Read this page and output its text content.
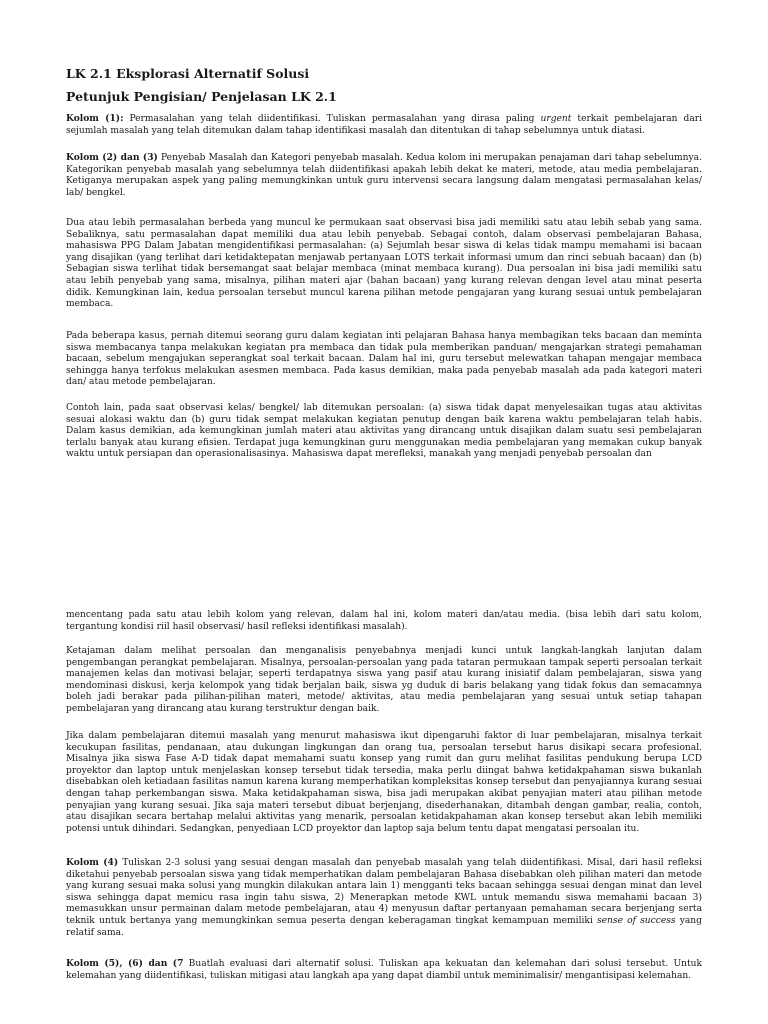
LK 2.1 Eksplorasi Alternatif Solusi
Petunjuk Pengisian/ Penjelasan LK 2.1

Kolom (1): Permasalahan yang telah diidentifikasi. Tuliskan permasalahan yang dirasa paling urgent terkait pembelajaran dari sejumlah masalah yang telah ditemukan dalam tahap identifikasi masalah dan ditentukan di tahap sebelumnya untuk diatasi.

Kolom (2) dan (3) Penyebab Masalah dan Kategori penyebab masalah. Kedua kolom ini merupakan penajaman dari tahap sebelumnya. Kategorikan penyebab masalah yang sebelumnya telah diidentifikasi apakah lebih dekat ke materi, metode, atau media pembelajaran. Ketiganya merupakan aspek yang paling memungkinkan untuk guru intervensi secara langsung dalam mengatasi permasalahan kelas/ lab/ bengkel.

Dua atau lebih permasalahan berbeda yang muncul ke permukaan saat observasi bisa jadi memiliki satu atau lebih sebab yang sama. Sebaliknya, satu permasalahan dapat memiliki dua atau lebih penyebab. Sebagai contoh, dalam observasi pembelajaran Bahasa, mahasiswa PPG Dalam Jabatan mengidentifikasi permasalahan: (a) Sejumlah besar siswa di kelas tidak mampu memahami isi bacaan yang disajikan (yang terlihat dari ketidaktepatan menjawab pertanyaan LOTS terkait informasi umum dan rinci sebuah bacaan) dan (b) Sebagian siswa terlihat tidak bersemangat saat belajar membaca (minat membaca kurang). Dua persoalan ini bisa jadi memiliki satu atau lebih penyebab yang sama, misalnya, pilihan materi ajar (bahan bacaan) yang kurang relevan dengan level atau minat peserta didik. Kemungkinan lain, kedua persoalan tersebut muncul karena pilihan metode pengajaran yang kurang sesuai untuk pembelajaran membaca.

Pada beberapa kasus, pernah ditemui seorang guru dalam kegiatan inti pelajaran Bahasa hanya membagikan teks bacaan dan meminta siswa membacanya tanpa melakukan kegiatan pra membaca dan tidak pula memberikan panduan/ mengajarkan strategi pemahaman bacaan, sebelum mengajukan seperangkat soal terkait bacaan. Dalam hal ini, guru tersebut melewatkan tahapan mengajar membaca sehingga hanya terfokus melakukan asesmen membaca. Pada kasus demikian, maka pada penyebab masalah ada pada kategori materi dan/ atau metode pembelajaran.

Contoh lain, pada saat observasi kelas/ bengkel/ lab ditemukan persoalan: (a) siswa tidak dapat menyelesaikan tugas atau aktivitas sesuai alokasi waktu dan (b) guru tidak sempat melakukan kegiatan penutup dengan baik karena waktu pembelajaran telah habis. Dalam kasus demikian, ada kemungkinan jumlah materi atau aktivitas yang dirancang untuk disajikan dalam suatu sesi pembelajaran terlalu banyak atau kurang efisien. Terdapat juga kemungkinan guru menggunakan media pembelajaran yang memakan cukup banyak waktu untuk persiapan dan operasionalisasinya. Mahasiswa dapat merefleksi, manakah yang menjadi penyebab persoalan dan

mencentang pada satu atau lebih kolom yang relevan, dalam hal ini, kolom materi dan/atau media. (bisa lebih dari satu kolom, tergantung kondisi riil hasil observasi/ hasil refleksi identifikasi masalah).

Ketajaman dalam melihat persoalan dan menganalisis penyebabnya menjadi kunci untuk langkah-langkah lanjutan dalam pengembangan perangkat pembelajaran. Misalnya, persoalan-persoalan yang pada tataran permukaan tampak seperti persoalan terkait manajemen kelas dan motivasi belajar, seperti terdapatnya siswa yang pasif atau kurang inisiatif dalam pembelajaran, siswa yang mendominasi diskusi, kerja kelompok yang tidak berjalan baik, siswa yg duduk di baris belakang yang tidak fokus dan semacamnya boleh jadi berakar pada pilihan-pilihan materi, metode/ aktivitas, atau media pembelajaran yang sesuai untuk setiap tahapan pembelajaran yang dirancang atau kurang terstruktur dengan baik.

Jika dalam pembelajaran ditemui masalah yang menurut mahasiswa ikut dipengaruhi faktor di luar pembelajaran, misalnya terkait kecukupan fasilitas, pendanaan, atau dukungan lingkungan dan orang tua, persoalan tersebut harus disikapi secara profesional. Misalnya jika siswa Fase A-D tidak dapat memahami suatu konsep yang rumit dan guru melihat fasilitas pendukung berupa LCD proyektor dan laptop untuk menjelaskan konsep tersebut tidak tersedia, maka perlu diingat bahwa ketidakpahaman siswa bukanlah disebabkan oleh ketiadaan fasilitas namun karena kurang memperhatikan kompleksitas konsep tersebut dan penyajiannya kurang sesuai dengan tahap perkembangan siswa. Maka ketidakpahaman siswa, bisa jadi merupakan akibat penyajian materi atau pilihan metode penyajian yang kurang sesuai. Jika saja materi tersebut dibuat berjenjang, disederhanakan, ditambah dengan gambar, realia, contoh, atau disajikan secara bertahap melalui aktivitas yang menarik, persoalan ketidakpahaman akan konsep tersebut akan lebih memiliki potensi untuk dihindari. Sedangkan, penyediaan LCD proyektor dan laptop saja belum tentu dapat mengatasi persoalan itu.

Kolom (4) Tuliskan 2-3 solusi yang sesuai dengan masalah dan penyebab masalah yang telah diidentifikasi. Misal, dari hasil refleksi diketahui penyebab persoalan siswa yang tidak memperhatikan dalam pembelajaran Bahasa disebabkan oleh pilihan materi dan metode yang kurang sesuai maka solusi yang mungkin dilakukan antara lain 1) mengganti teks bacaan sehingga sesuai dengan minat dan level siswa sehingga dapat memicu rasa ingin tahu siswa, 2) Menerapkan metode KWL untuk memandu siswa memahami bacaan 3) memasukkan unsur permainan dalam metode pembelajaran, atau 4) menyusun daftar pertanyaan pemahaman secara berjenjang serta teknik untuk bertanya yang memungkinkan semua peserta dengan keberagaman tingkat kemampuan memiliki sense of success yang relatif sama.

Kolom (5), (6) dan (7 Buatlah evaluasi dari alternatif solusi. Tuliskan apa kekuatan dan kelemahan dari solusi tersebut. Untuk kelemahan yang diidentifikasi, tuliskan mitigasi atau langkah apa yang dapat diambil untuk meminimalisir/ mengantisipasi kelemahan.
